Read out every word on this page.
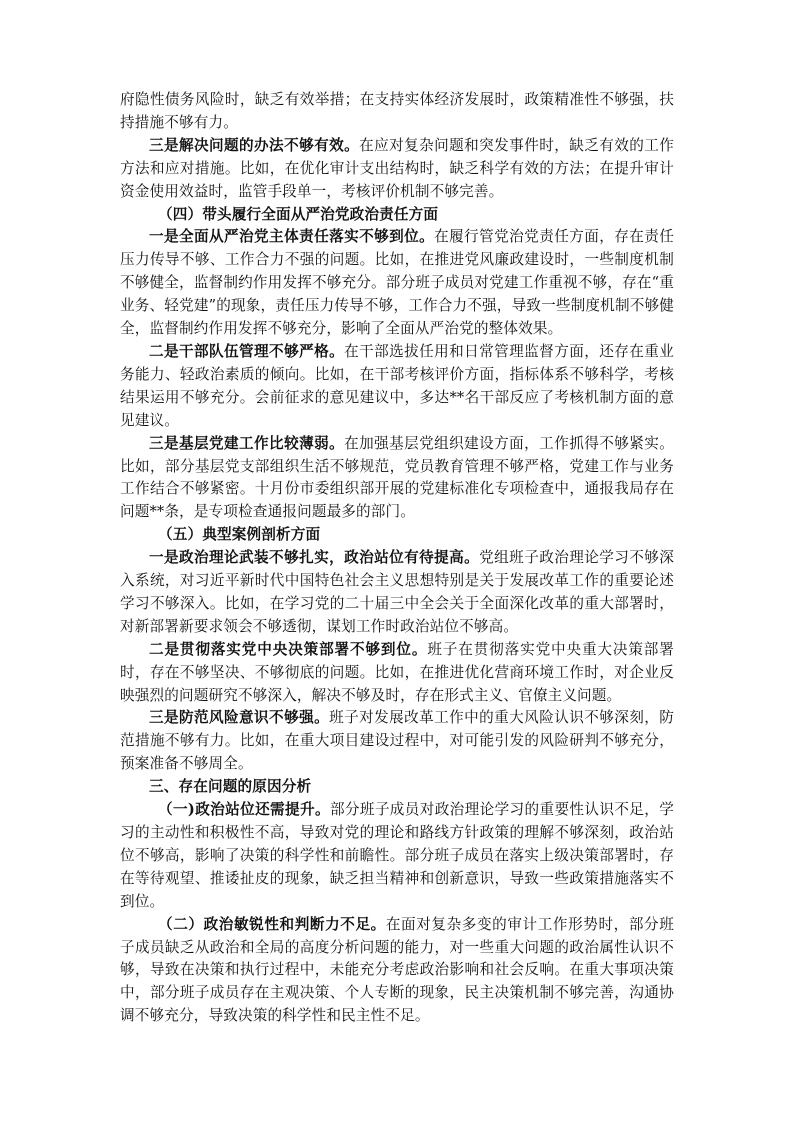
府隐性债务风险时，缺乏有效举措；在支持实体经济发展时，政策精准性不够强，扶持措施不够有力。

三是解决问题的办法不够有效。在应对复杂问题和突发事件时，缺乏有效的工作方法和应对措施。比如，在优化审计支出结构时，缺乏科学有效的方法；在提升审计资金使用效益时，监管手段单一，考核评价机制不够完善。

（四）带头履行全面从严治党政治责任方面

一是全面从严治党主体责任落实不够到位。在履行管党治党责任方面，存在责任压力传导不够、工作合力不强的问题。比如，在推进党风廉政建设时，一些制度机制不够健全，监督制约作用发挥不够充分。部分班子成员对党建工作重视不够，存在“重业务、轻党建”的现象，责任压力传导不够，工作合力不强，导致一些制度机制不够健全，监督制约作用发挥不够充分，影响了全面从严治党的整体效果。

二是干部队伍管理不够严格。在干部选拔任用和日常管理监督方面，还存在重业务能力、轻政治素质的倾向。比如，在干部考核评价方面，指标体系不够科学，考核结果运用不够充分。会前征求的意见建议中，多达**名干部反应了考核机制方面的意见建议。

三是基层党建工作比较薄弱。在加强基层党组织建设方面，工作抓得不够紧实。比如，部分基层党支部组织生活不够规范，党员教育管理不够严格，党建工作与业务工作结合不够紧密。十月份市委组织部开展的党建标准化专项检查中，通报我局存在问题**条，是专项检查通报问题最多的部门。

（五）典型案例剖析方面

一是政治理论武装不够扎实，政治站位有待提高。党组班子政治理论学习不够深入系统，对习近平新时代中国特色社会主义思想特别是关于发展改革工作的重要论述学习不够深入。比如，在学习党的二十届三中全会关于全面深化改革的重大部署时，对新部署新要求领会不够透彻，谋划工作时政治站位不够高。

二是贯彻落实党中央决策部署不够到位。班子在贯彻落实党中央重大决策部署时，存在不够坚决、不够彻底的问题。比如，在推进优化营商环境工作时，对企业反映强烈的问题研究不够深入，解决不够及时，存在形式主义、官僚主义问题。

三是防范风险意识不够强。班子对发展改革工作中的重大风险认识不够深刻，防范措施不够有力。比如，在重大项目建设过程中，对可能引发的风险研判不够充分，预案准备不够周全。

三、存在问题的原因分析

（一)政治站位还需提升。部分班子成员对政治理论学习的重要性认识不足，学习的主动性和积极性不高，导致对党的理论和路线方针政策的理解不够深刻，政治站位不够高，影响了决策的科学性和前瞻性。部分班子成员在落实上级决策部署时，存在等待观望、推诿扯皮的现象，缺乏担当精神和创新意识，导致一些政策措施落实不到位。

（二）政治敏锐性和判断力不足。在面对复杂多变的审计工作形势时，部分班子成员缺乏从政治和全局的高度分析问题的能力，对一些重大问题的政治属性认识不够，导致在决策和执行过程中，未能充分考虑政治影响和社会反响。在重大事项决策中，部分班子成员存在主观决策、个人专断的现象，民主决策机制不够完善，沟通协调不够充分，导致决策的科学性和民主性不足。
